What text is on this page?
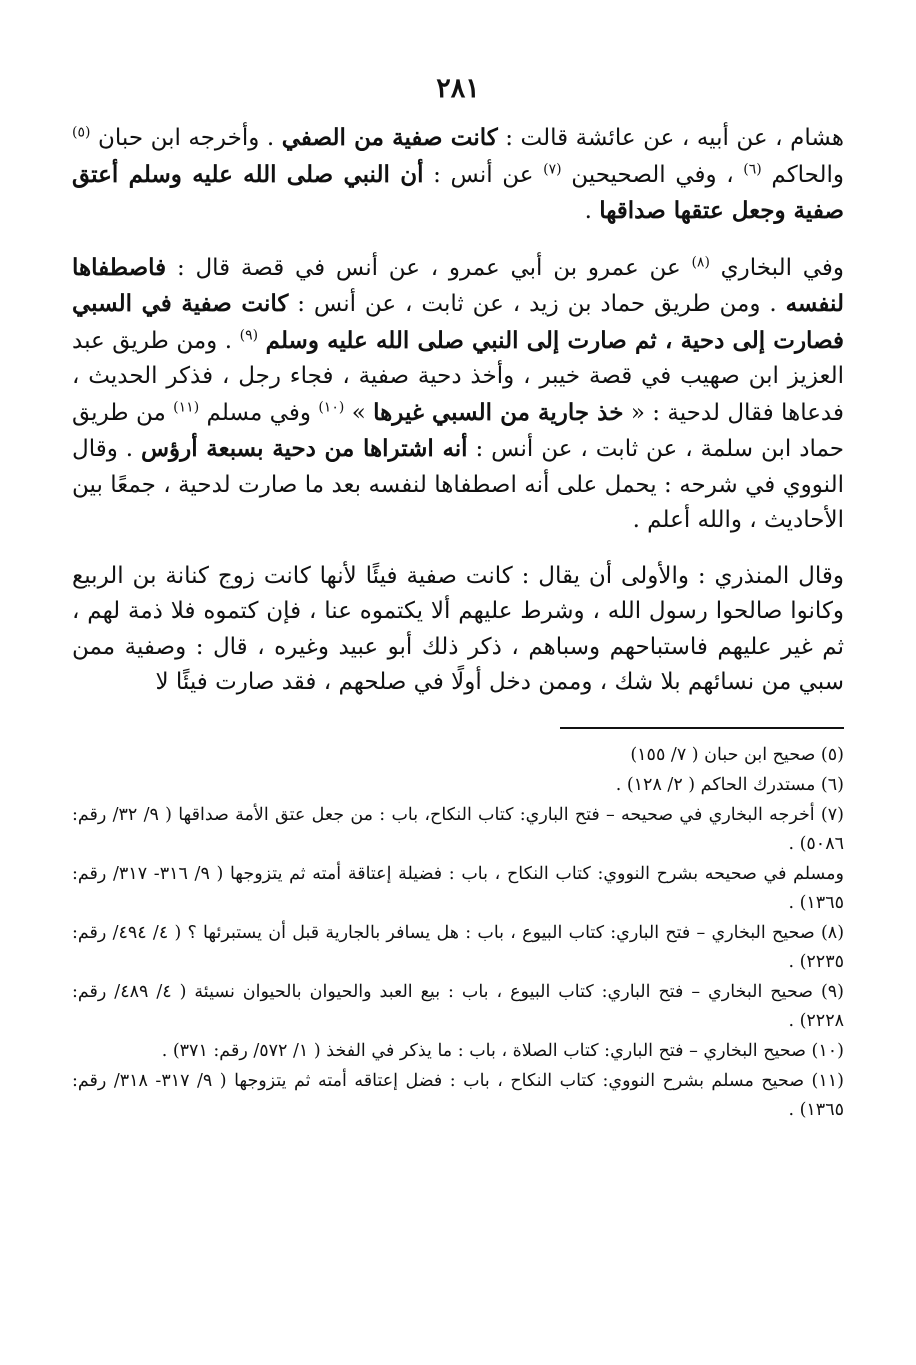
٢٨١

هشام ، عن أبيه ، عن عائشة قالت : كانت صفية من الصفي . وأخرجه ابن حبان $^{(٥)}$ والحاكم $^{(٦)}$ ، وفي الصحيحين $^{(٧)}$ عن أنس : أن النبي صلى الله عليه وسلم أعتق صفية وجعل عتقها صداقها .

وفي البخاري $^{(٨)}$ عن عمرو بن أبي عمرو ، عن أنس في قصة قال : فاصطفاها لنفسه . ومن طريق حماد بن زيد ، عن ثابت ، عن أنس : كانت صفية في السبي فصارت إلى دحية ، ثم صارت إلى النبي صلى الله عليه وسلم $^{(٩)}$ . ومن طريق عبد العزيز ابن صهيب في قصة خيبر ، وأخذ دحية صفية ، فجاء رجل ، فذكر الحديث ، فدعاها فقال لدحية : « خذ جارية من السبي غيرها » $^{(١٠)}$ وفي مسلم $^{(١١)}$ من طريق حماد ابن سلمة ، عن ثابت ، عن أنس : أنه اشتراها من دحية بسبعة أرؤس . وقال النووي في شرحه : يحمل على أنه اصطفاها لنفسه بعد ما صارت لدحية ، جمعًا بين الأحاديث ، والله أعلم .

وقال المنذري : والأولى أن يقال : كانت صفية فيئًا لأنها كانت زوج كنانة بن الربيع وكانوا صالحوا رسول الله ، وشرط عليهم ألا يكتموه عنا ، فإن كتموه فلا ذمة لهم ، ثم غير عليهم فاستباحهم وسباهم ، ذكر ذلك أبو عبيد وغيره ، قال : وصفية ممن سبي من نسائهم بلا شك ، وممن دخل أولًا في صلحهم ، فقد صارت فيئًا لا

(٥) صحيح ابن حبان ( ٧/ ١٥٥)
(٦) مستدرك الحاكم ( ٢/ ١٢٨) .
(٧) أخرجه البخاري في صحيحه – فتح الباري: كتاب النكاح، باب : من جعل عتق الأمة صداقها ( ٩/ ٣٢/ رقم: ٥٠٨٦) .
ومسلم في صحيحه بشرح النووي: كتاب النكاح ، باب : فضيلة إعتاقة أمته ثم يتزوجها ( ٩/ ٣١٦- ٣١٧/ رقم: ١٣٦٥) .
(٨) صحيح البخاري – فتح الباري: كتاب البيوع ، باب : هل يسافر بالجارية قبل أن يستبرئها ؟ ( ٤/ ٤٩٤/ رقم: ٢٢٣٥) .
(٩) صحيح البخاري – فتح الباري: كتاب البيوع ، باب : بيع العبد والحيوان بالحيوان نسيئة ( ٤/ ٤٨٩/ رقم: ٢٢٢٨) .
(١٠) صحيح البخاري – فتح الباري: كتاب الصلاة ، باب : ما يذكر في الفخذ ( ١/ ٥٧٢/ رقم: ٣٧١) .
(١١) صحيح مسلم بشرح النووي: كتاب النكاح ، باب : فضل إعتاقه أمته ثم يتزوجها ( ٩/ ٣١٧- ٣١٨/ رقم: ١٣٦٥) .
